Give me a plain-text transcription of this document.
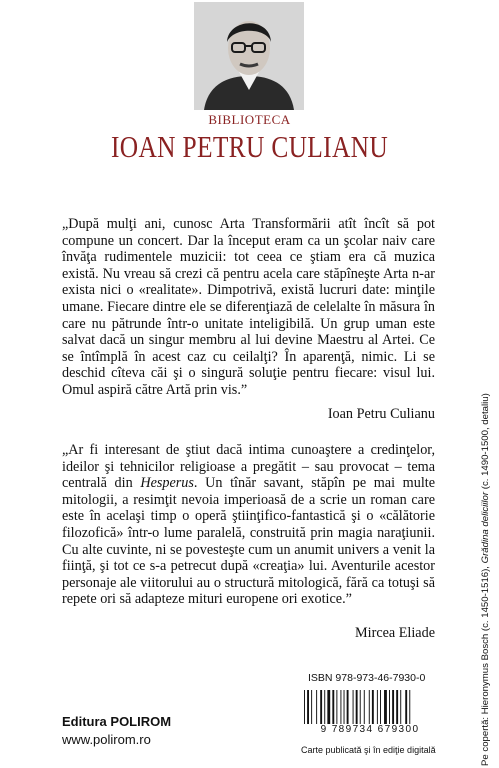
BIBLIOTECA
IOAN PETRU CULIANU
„După mulţi ani, cunosc Arta Transformării atît încît să pot compune un concert. Dar la început eram ca un şcolar naiv care învăţa rudimentele muzicii: tot ceea ce ştiam era că muzica există. Nu vreau să crezi că pentru acela care stăpîneşte Arta n-ar exista nici o «realitate». Dimpotrivă, există lucruri date: minţile umane. Fiecare dintre ele se diferenţiază de celelalte în măsura în care nu pătrunde într-o unitate inteligibilă. Un grup uman este salvat dacă un singur membru al lui devine Maestru al Artei. Ce se întîmplă în acest caz cu ceilalţi? În aparenţă, nimic. Li se deschid cîteva căi şi o singură soluţie pentru fiecare: visul lui. Omul aspiră către Artă prin vis.”
Ioan Petru Culianu
„Ar fi interesant de ştiut dacă intima cunoaştere a credinţelor, ideilor şi tehnicilor religioase a pregătit – sau provocat – tema centrală din Hesperus. Un tînăr savant, stăpîn pe mai multe mitologii, a resimţit nevoia imperioasă de a scrie un roman care este în acelaşi timp o operă ştiinţifico-fantastică şi o «călătorie filozofică» într-o lume paralelă, construită prin magia naraţiunii. Cu alte cuvinte, ni se povesteşte cum un anumit univers a venit la fiinţă, şi tot ce s-a petrecut după «creaţia» lui. Aventurile acestor personaje ale viitorului au o structură mitologică, fără ca totuşi să repete ori să adapteze mituri europene ori exotice.”
Mircea Eliade
ISBN 978-973-46-7930-0
9 789734 679300
Carte publicată şi în ediţie digitală
Editura POLIROM
www.polirom.ro	Pe copertă: Hieronymus Bosch (c. 1450-1516), Grădina deliciilor (c. 1490-1500, detaliu)
